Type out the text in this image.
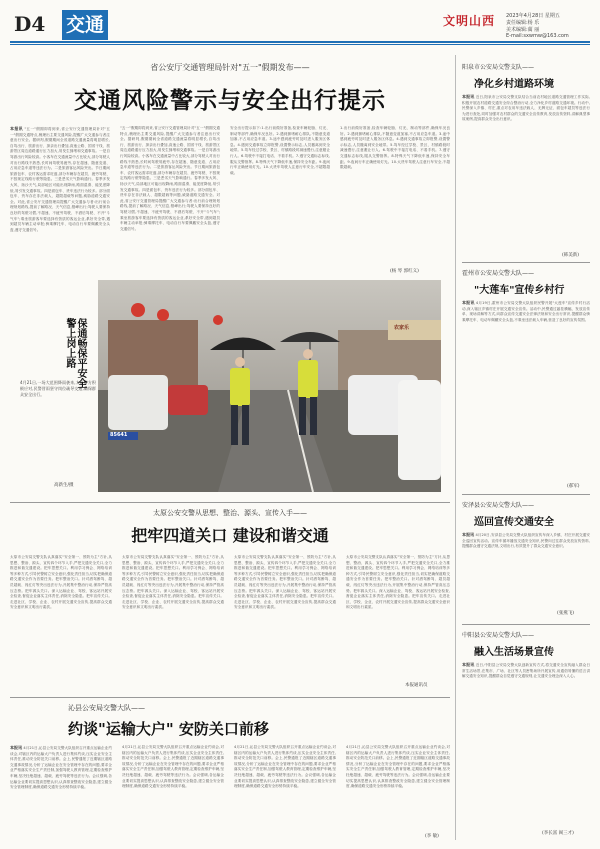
D4 交通	文明山西 2023年4月28日 星期五
责任编辑:杨 乐
美术编辑:蔺 丽
E-mail:sxwmw@163.com
省公安厅交通管理局针对"五一"假期发布——
交通风险警示与安全出行提示
本报讯 "五一"假期即将到来,省公安厅交通管理局针对"五一"假期交通特点,梳理出主要交通风险,提醒广大交通参与者注意出行安全。据研判,假期期间全省道路交通流量将明显增长,自驾出行、旅游出行、探亲出行叠加,高速公路、国省干线、旅游景区周边道路通行压力加大,易发生拥堵和交通事故。一是自驾游出行风险较高。小客车在交通流量中占比较大,部分驾驶人对出行路线不熟悉,长时间驾驶易疲劳,存在超速、随意变道、占用应急车道等违法行为。二是旅游客运风险突出。节日期间旅游包车、农村客运需求旺盛,部分车辆存在超员、疲劳驾驶、不按规定线路行驶等隐患。三是恶劣天气影响通行。春季多发大风、扬沙天气,局部地区可能出现降雨,路面湿滑、能见度降低,易引发交通事故。四是面包车、货车违法行为较多。部分面包车、货车存在非法载人、超限超载等问题,威胁道路交通安全。对此,省公安厅交通管理局提醒广大交通参与者:出行前合理规划路线,提前了解路况、天气信息,错峰出行;驾驶人要保持良好的驾驶习惯,不超速、不疲劳驾驶、不酒后驾驶、不开"斗气车";乘坐旅游客车要选择有资质的客运企业,系好安全带,遇到超员车辆主动举报;骑乘摩托车、电动自行车要佩戴安全头盔,遵守交通信号。
"五一"假期即将到来,省公安厅交通管理局针对"五一"假期交通特点,梳理出主要交通风险,提醒广大交通参与者注意出行安全。据研判,假期期间全省道路交通流量将明显增长,自驾出行、旅游出行、探亲出行叠加,高速公路、国省干线、旅游景区周边道路通行压力加大,易发生拥堵和交通事故。一是自驾游出行风险较高。小客车在交通流量中占比较大,部分驾驶人对出行路线不熟悉,长时间驾驶易疲劳,存在超速、随意变道、占用应急车道等违法行为。二是旅游客运风险突出。节日期间旅游包车、农村客运需求旺盛,部分车辆存在超员、疲劳驾驶、不按规定线路行驶等隐患。三是恶劣天气影响通行。春季多发大风、扬沙天气,局部地区可能出现降雨,路面湿滑、能见度降低,易引发交通事故。四是面包车、货车违法行为较多。部分面包车、货车存在非法载人、超限超载等问题,威胁道路交通安全。对此,省公安厅交通管理局提醒广大交通参与者:出行前合理规划路线,提前了解路况、天气信息,错峰出行;驾驶人要保持良好的驾驶习惯,不超速、不疲劳驾驶、不酒后驾驶、不开"斗气车";乘坐旅游客车要选择有资质的客运企业,系好安全带,遇到超员车辆主动举报;骑乘摩托车、电动自行车要佩戴安全头盔,遵守交通信号。
安全出行提示如下:1.出行前做好准备,检查车辆轮胎、灯光、制动等部件,确保车况良好。2.遇到拥堵耐心排队,不随意变道加塞,不占用应急车道。3.途中感到疲劳时及时进入服务区休息。4.遇到交通事故立即报警,设置警示标志,人员撤离到安全地带。5.驾车经过学校、景区、村镇路段时减速慢行,注意避让行人。6.驾驶中不接打电话、不看手机。7.遵守交通标志标线,服从交警指挥。8.特殊天气下降低车速,保持安全车距。9.夜间行车正确使用灯光。10.大货车驾驶人注意行车安全,不超限超载。
1.出行前做好准备,检查车辆轮胎、灯光、制动等部件,确保车况良好。2.遇到拥堵耐心排队,不随意变道加塞,不占用应急车道。3.途中感到疲劳时及时进入服务区休息。4.遇到交通事故立即报警,设置警示标志,人员撤离到安全地带。5.驾车经过学校、景区、村镇路段时减速慢行,注意避让行人。6.驾驶中不接打电话、不看手机。7.遵守交通标志标线,服从交警指挥。8.特殊天气下降低车速,保持安全车距。9.夜间行车正确使用灯光。10.大货车驾驶人注意行车安全,不超限超载。
(杨 琴 郭红义)
85641
农家乐
4月21日,一场大范围降雨袭来,太原警方积极应对,民警冒雨坚守岗位疏导交通,确保群众安全出行。
高新生/摄
保通畅保平安全警上岗上路
太原公安交警从思想、整治、源头、宣传入手——
把牢四道关口 建设和谐交通
太原市公安局交警支队认真落实"安全第一、预防为主"方针,从思想、整治、源头、宣传四个环节入手,严把交通安全关口,全力推进和谐交通建设。把牢思想关口。利用学习例会、网络培训等多种方式,引导民警树立安全意识,强化责任担当,切实把确保道路交通安全作为首要任务。把牢整治关口。针对酒驾醉驾、超员超载、闯红灯等突出违法行为,开展集中整治行动,保持严管高压态势。把牢源头关口。深入运输企业、驾校、客运站开展安全检查,督促企业落实主体责任,消除安全隐患。把牢宣传关口。走进社区、学校、企业、农村开展交通安全宣传,提高群众交通安全意识和文明出行素质。
太原市公安局交警支队认真落实"安全第一、预防为主"方针,从思想、整治、源头、宣传四个环节入手,严把交通安全关口,全力推进和谐交通建设。把牢思想关口。利用学习例会、网络培训等多种方式,引导民警树立安全意识,强化责任担当,切实把确保道路交通安全作为首要任务。把牢整治关口。针对酒驾醉驾、超员超载、闯红灯等突出违法行为,开展集中整治行动,保持严管高压态势。把牢源头关口。深入运输企业、驾校、客运站开展安全检查,督促企业落实主体责任,消除安全隐患。把牢宣传关口。走进社区、学校、企业、农村开展交通安全宣传,提高群众交通安全意识和文明出行素质。
太原市公安局交警支队认真落实"安全第一、预防为主"方针,从思想、整治、源头、宣传四个环节入手,严把交通安全关口,全力推进和谐交通建设。把牢思想关口。利用学习例会、网络培训等多种方式,引导民警树立安全意识,强化责任担当,切实把确保道路交通安全作为首要任务。把牢整治关口。针对酒驾醉驾、超员超载、闯红灯等突出违法行为,开展集中整治行动,保持严管高压态势。把牢源头关口。深入运输企业、驾校、客运站开展安全检查,督促企业落实主体责任,消除安全隐患。把牢宣传关口。走进社区、学校、企业、农村开展交通安全宣传,提高群众交通安全意识和文明出行素质。
太原市公安局交警支队认真落实"安全第一、预防为主"方针,从思想、整治、源头、宣传四个环节入手,严把交通安全关口,全力推进和谐交通建设。把牢思想关口。利用学习例会、网络培训等多种方式,引导民警树立安全意识,强化责任担当,切实把确保道路交通安全作为首要任务。把牢整治关口。针对酒驾醉驾、超员超载、闯红灯等突出违法行为,开展集中整治行动,保持严管高压态势。把牢源头关口。深入运输企业、驾校、客运站开展安全检查,督促企业落实主体责任,消除安全隐患。把牢宣传关口。走进社区、学校、企业、农村开展交通安全宣传,提高群众交通安全意识和文明出行素质。
本报通讯员
沁县公安局交警大队——
约谈"运输大户" 安防关口前移
本报讯 4月21日,沁县公安局交警大队组织召开重点运输企业约谈会,对辖区内的运输大户负责人进行集体约谈,压实企业安全主体责任,推动安全防范关口前移。会上,民警通报了近期辖区道路交通事故情况,分析了运输企业在安全管理中存在的问题,要求企业严格落实安全生产责任制,加强驾驶人教育管理,定期检查维护车辆,坚决杜绝超速、超载、疲劳驾驶等违法行为。会议强调,各运输企业要切实提高思想认识,认真排查整改安全隐患,建立健全安全管理制度,确保道路交通安全形势持续平稳。
4月21日,沁县公安局交警大队组织召开重点运输企业约谈会,对辖区内的运输大户负责人进行集体约谈,压实企业安全主体责任,推动安全防范关口前移。会上,民警通报了近期辖区道路交通事故情况,分析了运输企业在安全管理中存在的问题,要求企业严格落实安全生产责任制,加强驾驶人教育管理,定期检查维护车辆,坚决杜绝超速、超载、疲劳驾驶等违法行为。会议强调,各运输企业要切实提高思想认识,认真排查整改安全隐患,建立健全安全管理制度,确保道路交通安全形势持续平稳。
4月21日,沁县公安局交警大队组织召开重点运输企业约谈会,对辖区内的运输大户负责人进行集体约谈,压实企业安全主体责任,推动安全防范关口前移。会上,民警通报了近期辖区道路交通事故情况,分析了运输企业在安全管理中存在的问题,要求企业严格落实安全生产责任制,加强驾驶人教育管理,定期检查维护车辆,坚决杜绝超速、超载、疲劳驾驶等违法行为。会议强调,各运输企业要切实提高思想认识,认真排查整改安全隐患,建立健全安全管理制度,确保道路交通安全形势持续平稳。
4月21日,沁县公安局交警大队组织召开重点运输企业约谈会,对辖区内的运输大户负责人进行集体约谈,压实企业安全主体责任,推动安全防范关口前移。会上,民警通报了近期辖区道路交通事故情况,分析了运输企业在安全管理中存在的问题,要求企业严格落实安全生产责任制,加强驾驶人教育管理,定期检查维护车辆,坚决杜绝超速、超载、疲劳驾驶等违法行为。会议强调,各运输企业要切实提高思想认识,认真排查整改安全隐患,建立健全安全管理制度,确保道路交通安全形势持续平稳。
(李 敏)
阳泉市公安局交警支队——
净化乡村道路环境
本报讯 近日,阳泉市公安局交警支队结合当前农村地区道路交通管理工作实际,积极开展农村道路交通安全综合整治行动,全力净化乡村道路交通环境。行动中,民警深入乡镇、村庄,重点对农用车违法载人、无牌无证、面包车超员等违法行为进行查处,同时加强对农村群众的交通安全宣传教育,发放宣传资料,讲解典型事故案例,提高群众安全出行意识。
(韩美新)
霍州市公安局交警大队——
"大莲车"宣传乡村行
本报讯 4月19日,霍州市公安局交警大队组织民警开展"大莲车"宣传乡村行活动,深入辖区乡镇村庄开展交通安全宣传。活动中,民警通过悬挂横幅、发放宣传单、现场讲解等方式,向群众宣传交通安全法律法规和安全出行常识,提醒群众骑乘摩托车、电动车佩戴安全头盔,不乘坐违法载人车辆,营造了良好的宣传氛围。
(郝军)
安泽县公安局交警大队——
巡回宣传交通安全
本报讯 4月20日,安泽县公安局交警大队组织宣传车深入乡镇、村庄开展交通安全巡回宣传活动。宣传车循环播放交通安全知识,民警向过往群众发放宣传资料,提醒群众遵守交通法规,文明出行,有效提升了群众交通安全意识。
(张燕飞)
中阳县公安局交警大队——
融入生活场景宣传
本报讯 近日,中阳县公安局交警大队创新宣传方式,将交通安全宣传融入群众日常生活场景,在集市、广场、社区等人员密集场所开展宣传,用通俗易懂的语言讲解交通安全知识,提醒群众自觉遵守交通规则,让交通安全理念深入人心。
(李长富 阎三才)
